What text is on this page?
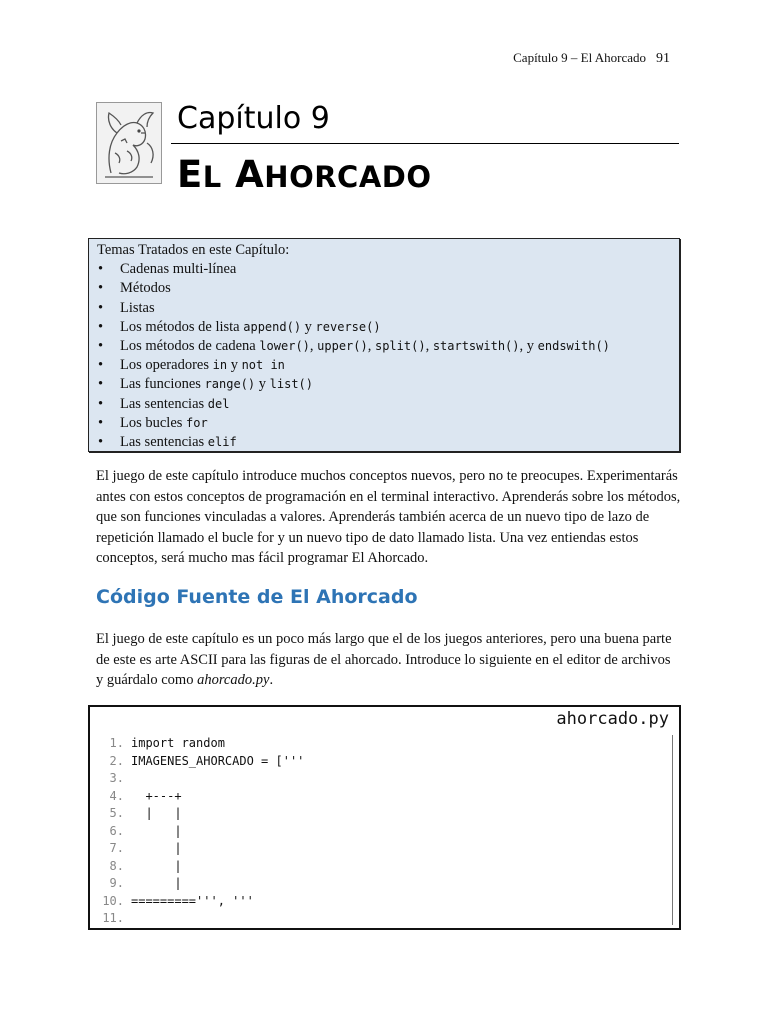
Capítulo 9 – El Ahorcado 91
Capítulo 9
EL AHORCADO
Temas Tratados en este Capítulo:
• Cadenas multi-línea
• Métodos
• Listas
• Los métodos de lista append() y reverse()
• Los métodos de cadena lower(), upper(), split(), startswith(), y endswith()
• Los operadores in y not in
• Las funciones range() y list()
• Las sentencias del
• Los bucles for
• Las sentencias elif

El juego de este capítulo introduce muchos conceptos nuevos, pero no te preocupes. Experimentarás antes con estos conceptos de programación en el terminal interactivo. Aprenderás sobre los métodos, que son funciones vinculadas a valores. Aprenderás también acerca de un nuevo tipo de lazo de repetición llamado el bucle for y un nuevo tipo de dato llamado lista. Una vez entiendas estos conceptos, será mucho mas fácil programar El Ahorcado.

Código Fuente de El Ahorcado

El juego de este capítulo es un poco más largo que el de los juegos anteriores, pero una buena parte de este es arte ASCII para las figuras de el ahorcado. Introduce lo siguiente en el editor de archivos y guárdalo como ahorcado.py.

ahorcado.py
1. import random
2. IMAGENES_AHORCADO = ['''
3.
4.  +---+
5.  |   |
6.      |
7.      |
8.      |
9.      |
10. =========''', '''
11.
